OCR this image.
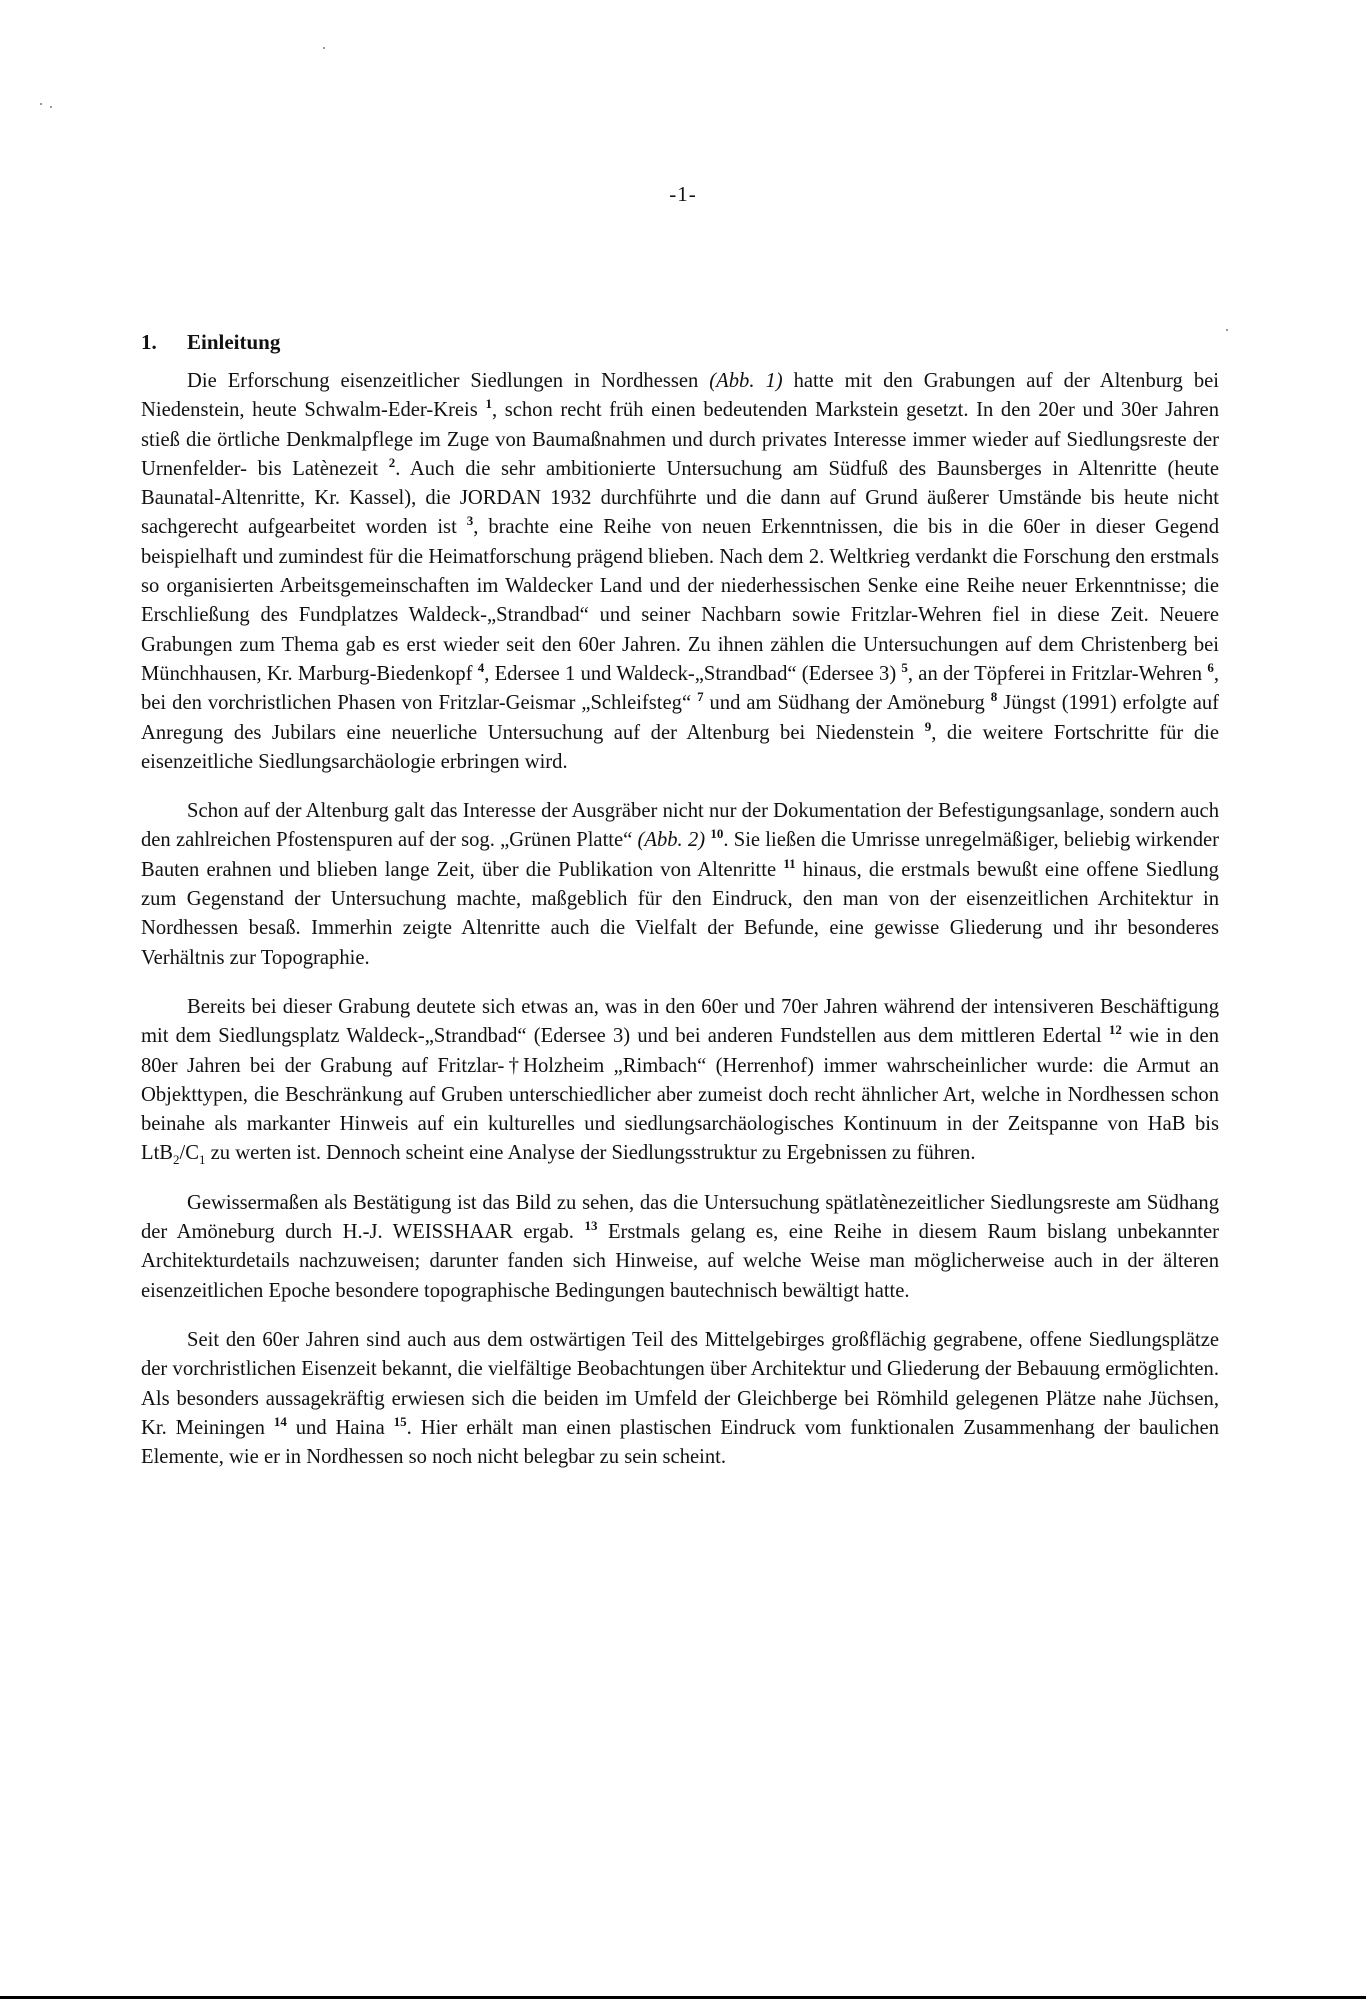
-1-
1. Einleitung

Die Erforschung eisenzeitlicher Siedlungen in Nordhessen (Abb. 1) hatte mit den Grabungen auf der Altenburg bei Niedenstein, heute Schwalm-Eder-Kreis $^1$, schon recht früh einen bedeutenden Markstein gesetzt. In den 20er und 30er Jahren stieß die örtliche Denkmalpflege im Zuge von Baumaßnahmen und durch privates Interesse immer wieder auf Siedlungsreste der Urnenfelder- bis Latènezeit $^2$. Auch die sehr ambitionierte Untersuchung am Südfuß des Baunsberges in Altenritte (heute Baunatal-Altenritte, Kr. Kassel), die JORDAN 1932 durchführte und die dann auf Grund äußerer Umstände bis heute nicht sachgerecht aufgearbeitet worden ist $^3$, brachte eine Reihe von neuen Erkenntnissen, die bis in die 60er in dieser Gegend beispielhaft und zumindest für die Heimatforschung prägend blieben. Nach dem 2. Weltkrieg verdankt die Forschung den erstmals so organisierten Arbeitsgemeinschaften im Waldecker Land und der niederhessischen Senke eine Reihe neuer Erkenntnisse; die Erschließung des Fundplatzes Waldeck-„Strandbad“ und seiner Nachbarn sowie Fritzlar-Wehren fiel in diese Zeit. Neuere Grabungen zum Thema gab es erst wieder seit den 60er Jahren. Zu ihnen zählen die Untersuchungen auf dem Christenberg bei Münchhausen, Kr. Marburg-Biedenkopf $^4$, Edersee 1 und Waldeck-„Strandbad“ (Edersee 3) $^5$, an der Töpferei in Fritzlar-Wehren $^6$, bei den vorchristlichen Phasen von Fritzlar-Geismar „Schleifsteg“ $^7$ und am Südhang der Amöneburg $^8$ Jüngst (1991) erfolgte auf Anregung des Jubilars eine neuerliche Untersuchung auf der Altenburg bei Niedenstein $^9$, die weitere Fortschritte für die eisenzeitliche Siedlungsarchäologie erbringen wird.

Schon auf der Altenburg galt das Interesse der Ausgräber nicht nur der Dokumentation der Befestigungsanlage, sondern auch den zahlreichen Pfostenspuren auf der sog. „Grünen Platte“ (Abb. 2) $^{10}$. Sie ließen die Umrisse unregelmäßiger, beliebig wirkender Bauten erahnen und blieben lange Zeit, über die Publikation von Altenritte $^{11}$ hinaus, die erstmals bewußt eine offene Siedlung zum Gegenstand der Untersuchung machte, maßgeblich für den Eindruck, den man von der eisenzeitlichen Architektur in Nordhessen besaß. Immerhin zeigte Altenritte auch die Vielfalt der Befunde, eine gewisse Gliederung und ihr besonderes Verhältnis zur Topographie.

Bereits bei dieser Grabung deutete sich etwas an, was in den 60er und 70er Jahren während der intensiveren Beschäftigung mit dem Siedlungsplatz Waldeck-„Strandbad“ (Edersee 3) und bei anderen Fundstellen aus dem mittleren Edertal $^{12}$ wie in den 80er Jahren bei der Grabung auf Fritzlar-†Holzheim „Rimbach“ (Herrenhof) immer wahrscheinlicher wurde: die Armut an Objekttypen, die Beschränkung auf Gruben unterschiedlicher aber zumeist doch recht ähnlicher Art, welche in Nordhessen schon beinahe als markanter Hinweis auf ein kulturelles und siedlungsarchäologisches Kontinuum in der Zeitspanne von HaB bis $LtB_2/C_1$ zu werten ist. Dennoch scheint eine Analyse der Siedlungsstruktur zu Ergebnissen zu führen.

Gewissermaßen als Bestätigung ist das Bild zu sehen, das die Untersuchung spätlatènezeitlicher Siedlungsreste am Südhang der Amöneburg durch H.-J. WEISSHAAR ergab. $^{13}$ Erstmals gelang es, eine Reihe in diesem Raum bislang unbekannter Architekturdetails nachzuweisen; darunter fanden sich Hinweise, auf welche Weise man möglicherweise auch in der älteren eisenzeitlichen Epoche besondere topographische Bedingungen bautechnisch bewältigt hatte.

Seit den 60er Jahren sind auch aus dem ostwärtigen Teil des Mittelgebirges großflächig gegrabene, offene Siedlungsplätze der vorchristlichen Eisenzeit bekannt, die vielfältige Beobachtungen über Architektur und Gliederung der Bebauung ermöglichten. Als besonders aussagekräftig erwiesen sich die beiden im Umfeld der Gleichberge bei Römhild gelegenen Plätze nahe Jüchsen, Kr. Meiningen $^{14}$ und Haina $^{15}$. Hier erhält man einen plastischen Eindruck vom funktionalen Zusammenhang der baulichen Elemente, wie er in Nordhessen so noch nicht belegbar zu sein scheint.
